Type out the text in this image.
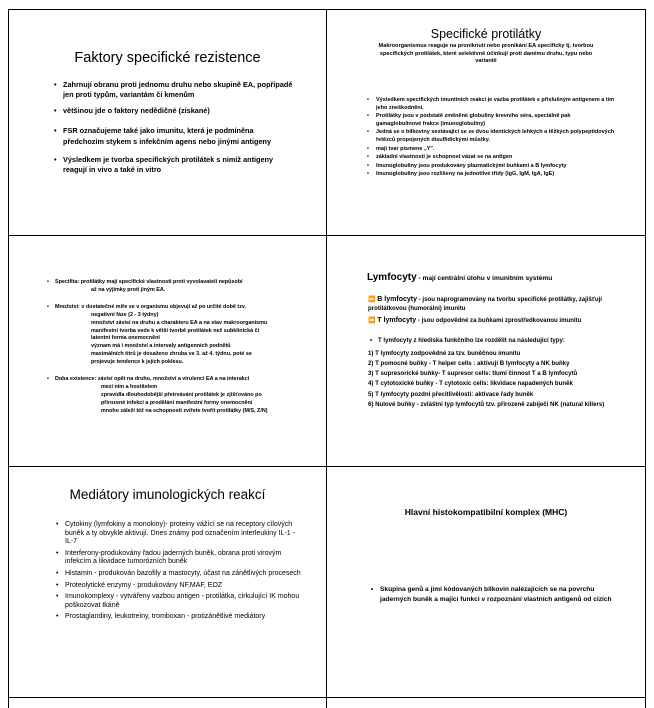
Faktory specifické rezistence
• Zahrnují obranu proti jednomu druhu nebo skupině EA, popřípadě jen proti typům, variantám či kmenům
• většinou jde o faktory nedědičné (získané)
• FSR označujeme také jako imunitu, která je podmíněna předchozím stykem s infekčním agens nebo jinými antigeny
• Výsledkem je tvorba specifických protilátek s nimiž antigeny reagují in vivo a také in vitro
Specifické protilátky
Makroorganismus reaguje na proniknutí nebo pronikání EA specificky tj. tvorbou specifických protilátek, které selektivně účinkují proti danému druhu, typu nebo variantě
• Výsledkem specifických imunitních reakcí je vazba protilátek s příslušným antigenem a tím jeho zneškodnění.
• Protilátky jsou v podstatě změněné globuliny krevního séra, speciálně pak gamaglobulinové frakce (imunoglobuliny)
• Jedná se o bílkoviny sestávající se ze dvou identických lehkých a těžkých polypeptidových řetězců propojených disulfidickými můstky.
• mají tvar písmene „Y".
• základní vlastností je schopnost vázat se na antigen
• Imunoglobuliny jsou produkovány plazmatickými buňkami a B lymfocyty
• Imunoglobuliny jsou rozlišeny na jednotlivé třídy (IgG, IgM, IgA, IgE)
• Specifita: protilátky mají specifické vlastnosti proti vyvolavateli nepůsobí
až na výjimky proti jiným EA.
• Množství: v dostatečné míře se v organismu objevují až po určité době tzv.
negativní fáze (2 - 3 týdny)
množství závisí na druhu a charakteru EA a na stav makroorganismu
manifestní tvorba vede k větší tvorbě protilátek než subklinická či
latentní forma onemocnění
význam má i množství a intervaly antigenních podnětů
maximálních titrů je dosaženo zhruba ve 3. až 4. týdnu, poté se
projevuje tendence k jejich poklesu.
• Doba existence: závisí opět na druhu, množství a virulenci EA a na interakci
mezi ním a hostitelem
zpravidla dlouhodobější přetrvávání protilátek je zjišťováno po
přirozené infekci a prodělání manifestní formy onemocnění
mnoho záleží též na schopnosti zvířete tvořit protilátky (M/S, Z/N)
Lymfocyty - mají centrální úlohu v imunitním systému
⏩ B lymfocyty - jsou naprogramovány na tvorbu specifické protilátky, zajišťují protilátkovou (humorální) imunitu
⏩ T lymfocyty - jsou odpovědné za buňkami zprostředkovanou imunitu
• T lymfocyty z hlediska funkčního lze rozdělit na následující typy:
1) T lymfocyty zodpovědné za tzv. buněčnou imunitu
2) T pomocné buňky - T helper cells : aktivují B lymfocyty a NK buňky
3) T supresorické buňky- T supresor cells: tlumí činnost T a B lymfocytů
4) T cytotoxické buňky - T cytotoxic cells: likvidace napadených buněk
5) T lymfocyty pozdní přecitlivělosti: aktivace řady buněk
6) Nulové buňky - zvláštní typ lymfocytů tzv. přirozeně zabíječi NK (natural killers)
Mediátory imunologických reakcí
• Cytokiny (lymfokiny a monokiny)- proteiny vážící se na receptory cílových buněk a ty obvykle aktivují. Dnes známy pod označením interleukiny IL-1 - IL-7
• Interferony-produkovány řadou jaderných buněk, obrana proti virovým infekcím a likvidace tumorózních buněk
• Histamin - produkován bazofily a mastocyty, účast na zánětlivých procesech
• Proteolytické enzymy - produkovány NF,MAF, EOZ
• Imunokomplexy - vytvářeny vazbou antigen - protilátka, cirkulující IK mohou poškozovat tkáně
• Prostaglandiny, leukotreiny, tromboxan - protizánětlivé mediátory
Hlavní histokompatibilní komplex (MHC)
• Skupina genů a jimi kódovaných bílkovin nalézajících se na povrchu jaderných buněk a mající funkci v rozpoznání vlastních antigenů od cizích
